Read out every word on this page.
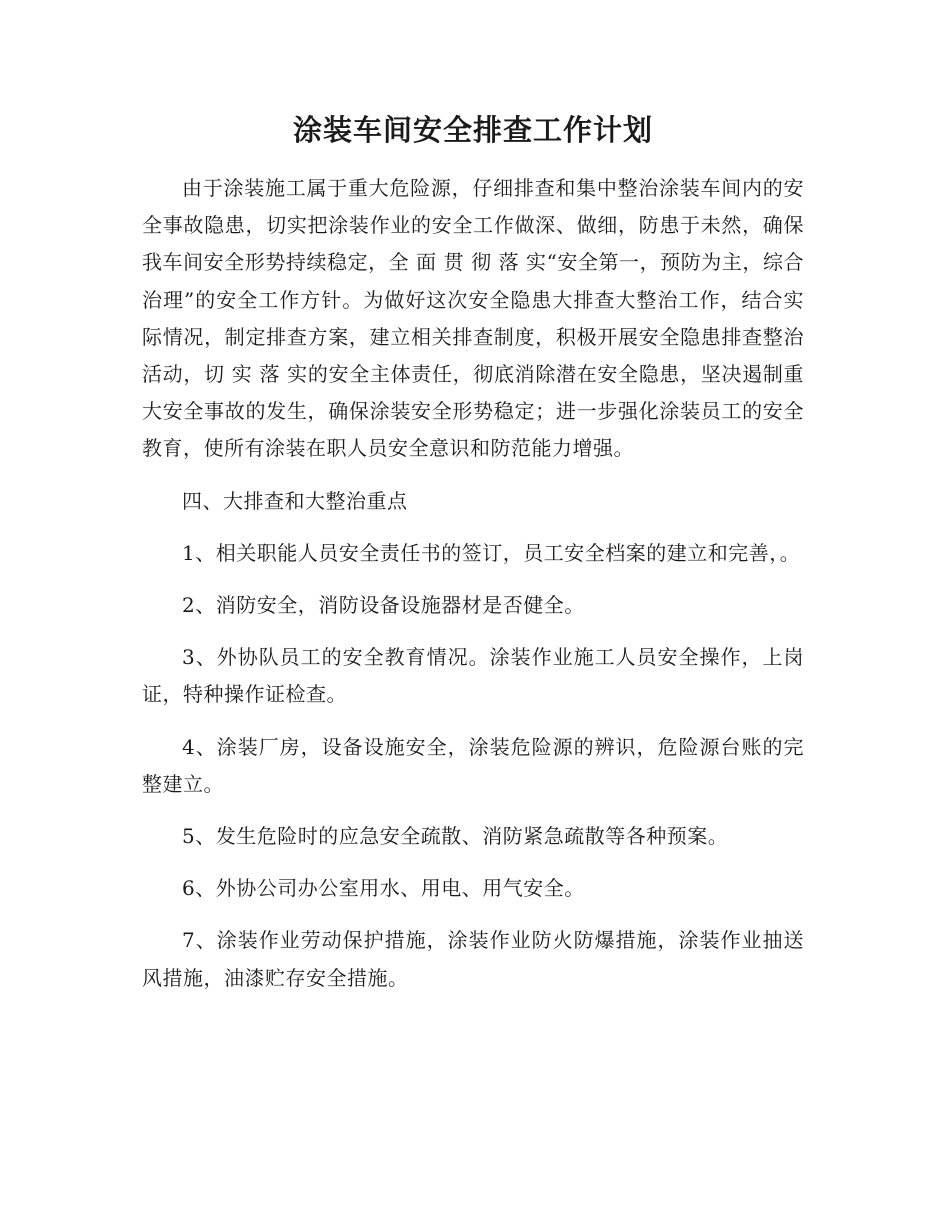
涂装车间安全排查工作计划

由于涂装施工属于重大危险源，仔细排查和集中整治涂装车间内的安全事故隐患，切实把涂装作业的安全工作做深、做细，防患于未然，确保我车间安全形势持续稳定，全 面 贯 彻 落 实“安全第一，预防为主，综合治理”的安全工作方针。为做好这次安全隐患大排查大整治工作，结合实际情况，制定排查方案，建立相关排查制度，积极开展安全隐患排查整治活动，切 实 落 实的安全主体责任，彻底消除潜在安全隐患，坚决遏制重大安全事故的发生，确保涂装安全形势稳定；进一步强化涂装员工的安全教育，使所有涂装在职人员安全意识和防范能力增强。

四、大排查和大整治重点

1、相关职能人员安全责任书的签订，员工安全档案的建立和完善，。

2、消防安全，消防设备设施器材是否健全。

3、外协队员工的安全教育情况。涂装作业施工人员安全操作，上岗证，特种操作证检查。

4、涂装厂房，设备设施安全，涂装危险源的辨识，危险源台账的完整建立。

5、发生危险时的应急安全疏散、消防紧急疏散等各种预案。

6、外协公司办公室用水、用电、用气安全。

7、涂装作业劳动保护措施，涂装作业防火防爆措施，涂装作业抽送风措施，油漆贮存安全措施。
